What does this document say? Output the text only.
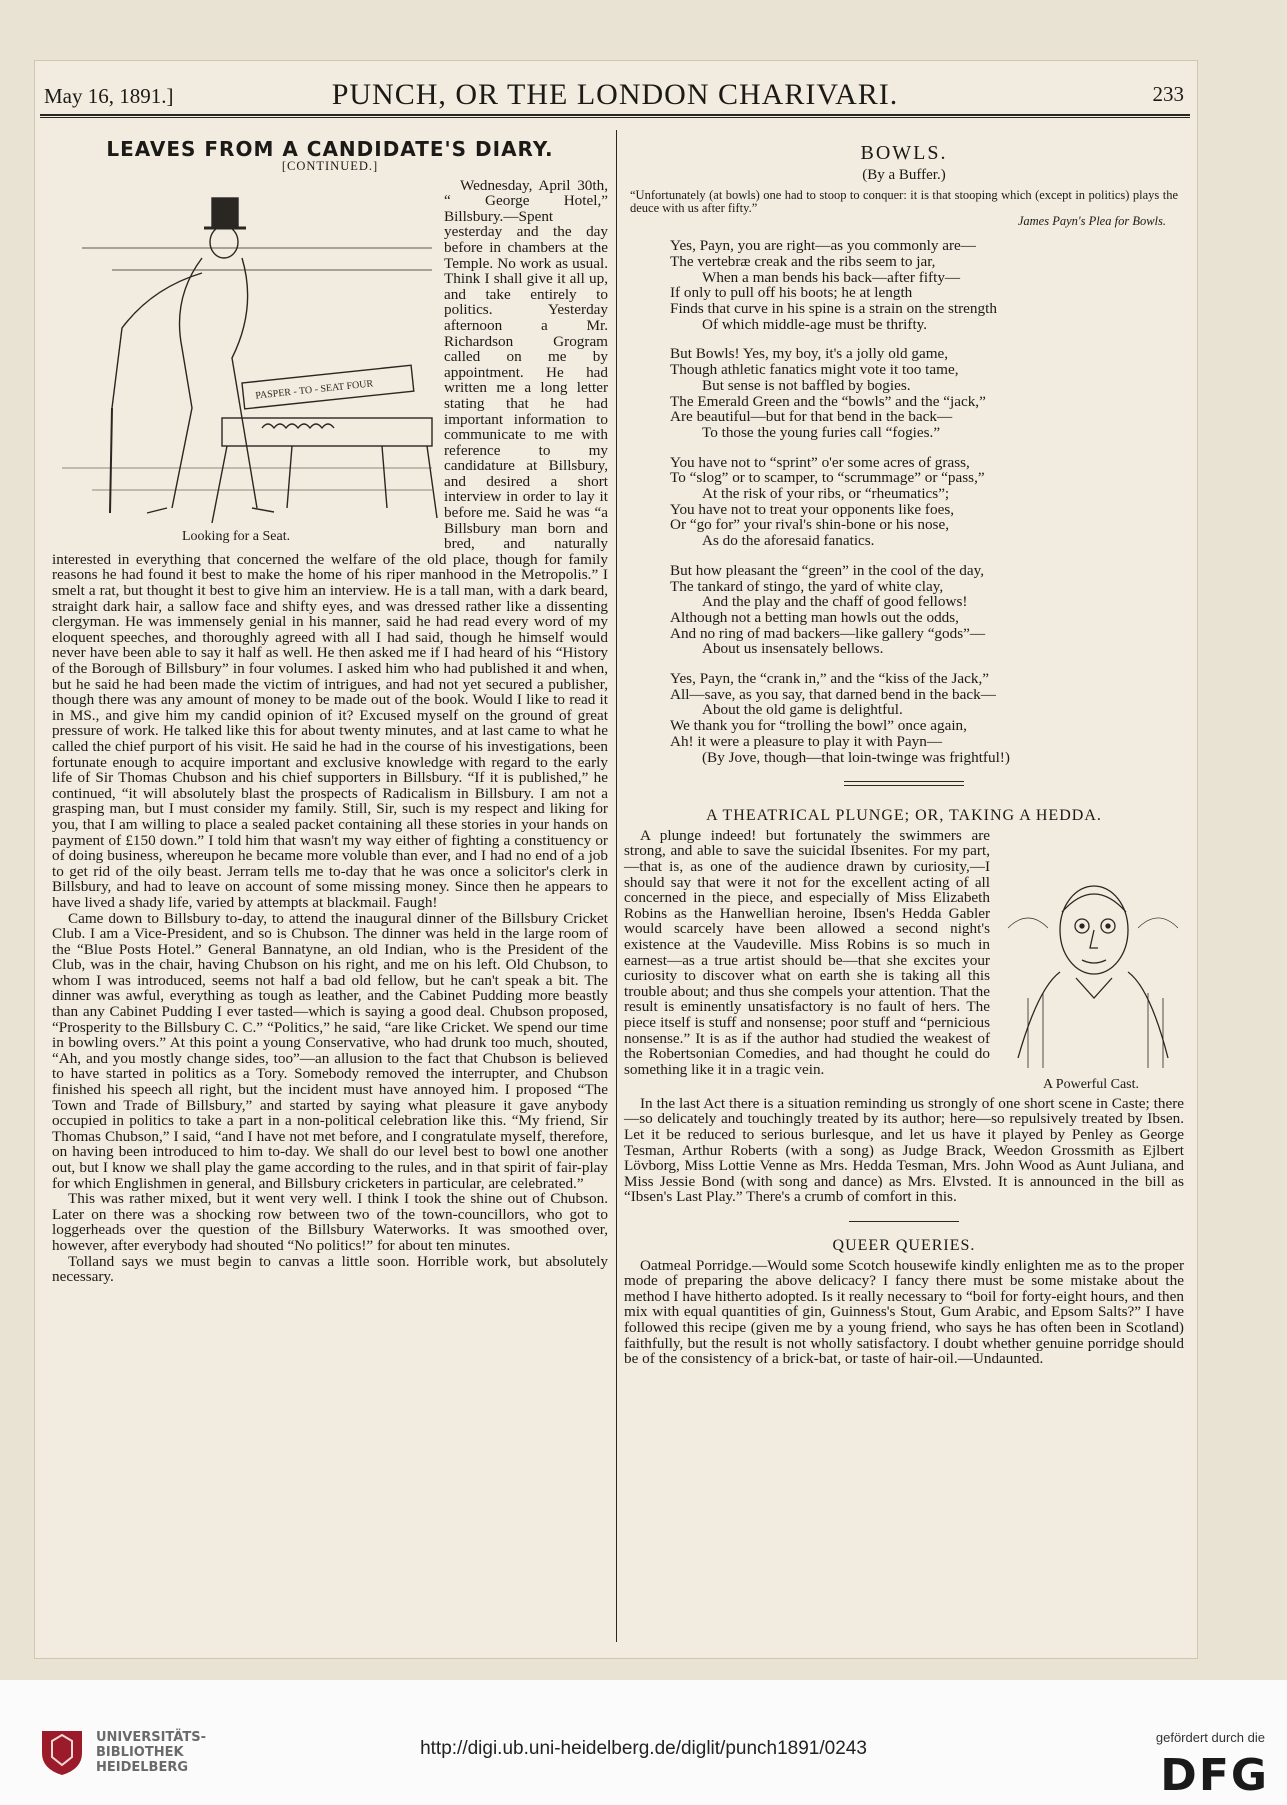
May 16, 1891.]	PUNCH, OR THE LONDON CHARIVARI.	233
LEAVES FROM A CANDIDATE'S DIARY.
[CONTINUED.]
PASPER - TO - SEAT FOUR
Looking for a Seat.

Wednesday, April 30th, “ George Hotel,” Billsbury.—Spent yesterday and the day before in chambers at the Temple. No work as usual. Think I shall give it all up, and take entirely to politics. Yesterday afternoon a Mr. Richardson Grogram called on me by appointment. He had written me a long letter stating that he had important information to communicate to me with reference to my candidature at Billsbury, and desired a short interview in order to lay it before me. Said he was “a Billsbury man born and bred, and naturally interested in everything that concerned the welfare of the old place, though for family reasons he had found it best to make the home of his riper manhood in the Metropolis.” I smelt a rat, but thought it best to give him an interview. He is a tall man, with a dark beard, straight dark hair, a sallow face and shifty eyes, and was dressed rather like a dissenting clergyman. He was immensely genial in his manner, said he had read every word of my eloquent speeches, and thoroughly agreed with all I had said, though he himself would never have been able to say it half as well. He then asked me if I had heard of his “History of the Borough of Billsbury” in four volumes. I asked him who had published it and when, but he said he had been made the victim of intrigues, and had not yet secured a publisher, though there was any amount of money to be made out of the book. Would I like to read it in MS., and give him my candid opinion of it? Excused myself on the ground of great pressure of work. He talked like this for about twenty minutes, and at last came to what he called the chief purport of his visit. He said he had in the course of his investigations, been fortunate enough to acquire important and exclusive knowledge with regard to the early life of Sir Thomas Chubson and his chief supporters in Billsbury. “If it is published,” he continued, “it will absolutely blast the prospects of Radicalism in Billsbury. I am not a grasping man, but I must consider my family. Still, Sir, such is my respect and liking for you, that I am willing to place a sealed packet containing all these stories in your hands on payment of £150 down.” I told him that wasn't my way either of fighting a constituency or of doing business, whereupon he became more voluble than ever, and I had no end of a job to get rid of the oily beast. Jerram tells me to-day that he was once a solicitor's clerk in Billsbury, and had to leave on account of some missing money. Since then he appears to have lived a shady life, varied by attempts at blackmail. Faugh!

Came down to Billsbury to-day, to attend the inaugural dinner of the Billsbury Cricket Club. I am a Vice-President, and so is Chubson. The dinner was held in the large room of the “Blue Posts Hotel.” General Bannatyne, an old Indian, who is the President of the Club, was in the chair, having Chubson on his right, and me on his left. Old Chubson, to whom I was introduced, seems not half a bad old fellow, but he can't speak a bit. The dinner was awful, everything as tough as leather, and the Cabinet Pudding more beastly than any Cabinet Pudding I ever tasted—which is saying a good deal. Chubson proposed, “Prosperity to the Billsbury C. C.” “Politics,” he said, “are like Cricket. We spend our time in bowling overs.” At this point a young Conservative, who had drunk too much, shouted, “Ah, and you mostly change sides, too”—an allusion to the fact that Chubson is believed to have started in politics as a Tory. Somebody removed the interrupter, and Chubson finished his speech all right, but the incident must have annoyed him. I proposed “The Town and Trade of Billsbury,” and started by saying what pleasure it gave anybody occupied in politics to take a part in a non-political celebration like this. “My friend, Sir Thomas Chubson,” I said, “and I have not met before, and I congratulate myself, therefore, on having been introduced to him to-day. We shall do our level best to bowl one another out, but I know we shall play the game according to the rules, and in that spirit of fair-play for which Englishmen in general, and Billsbury cricketers in particular, are celebrated.”

This was rather mixed, but it went very well. I think I took the shine out of Chubson. Later on there was a shocking row between two of the town-councillors, who got to loggerheads over the question of the Billsbury Waterworks. It was smoothed over, however, after everybody had shouted “No politics!” for about ten minutes.

Tolland says we must begin to canvas a little soon. Horrible work, but absolutely necessary.

BOWLS.
(By a Buffer.)
“Unfortunately (at bowls) one had to stoop to conquer: it is that stooping which (except in politics) plays the deuce with us after fifty.”
James Payn's Plea for Bowls.
Yes, Payn, you are right—as you commonly are—
The vertebræ creak and the ribs seem to jar,
When a man bends his back—after fifty—
If only to pull off his boots; he at length
Finds that curve in his spine is a strain on the strength
Of which middle-age must be thrifty.
But Bowls! Yes, my boy, it's a jolly old game,
Though athletic fanatics might vote it too tame,
But sense is not baffled by bogies.
The Emerald Green and the “bowls” and the “jack,”
Are beautiful—but for that bend in the back—
To those the young furies call “fogies.”
You have not to “sprint” o'er some acres of grass,
To “slog” or to scamper, to “scrummage” or “pass,”
At the risk of your ribs, or “rheumatics”;
You have not to treat your opponents like foes,
Or “go for” your rival's shin-bone or his nose,
As do the aforesaid fanatics.
But how pleasant the “green” in the cool of the day,
The tankard of stingo, the yard of white clay,
And the play and the chaff of good fellows!
Although not a betting man howls out the odds,
And no ring of mad backers—like gallery “gods”—
About us insensately bellows.
Yes, Payn, the “crank in,” and the “kiss of the Jack,”
All—save, as you say, that darned bend in the back—
About the old game is delightful.
We thank you for “trolling the bowl” once again,
Ah! it were a pleasure to play it with Payn—
(By Jove, though—that loin-twinge was frightful!)
A THEATRICAL PLUNGE; OR, TAKING A HEDDA.
A Powerful Cast.

A plunge indeed! but fortunately the swimmers are strong, and able to save the suicidal Ibsenites. For my part,—that is, as one of the audience drawn by curiosity,—I should say that were it not for the excellent acting of all concerned in the piece, and especially of Miss Elizabeth Robins as the Hanwellian heroine, Ibsen's Hedda Gabler would scarcely have been allowed a second night's existence at the Vaudeville. Miss Robins is so much in earnest—as a true artist should be—that she excites your curiosity to discover what on earth she is taking all this trouble about; and thus she compels your attention. That the result is eminently unsatisfactory is no fault of hers. The piece itself is stuff and nonsense; poor stuff and “pernicious nonsense.” It is as if the author had studied the weakest of the Robertsonian Comedies, and had thought he could do something like it in a tragic vein.

In the last Act there is a situation reminding us strongly of one short scene in Caste; there—so delicately and touchingly treated by its author; here—so repulsively treated by Ibsen. Let it be reduced to serious burlesque, and let us have it played by Penley as George Tesman, Arthur Roberts (with a song) as Judge Brack, Weedon Grossmith as Ejlbert Lövborg, Miss Lottie Venne as Mrs. Hedda Tesman, Mrs. John Wood as Aunt Juliana, and Miss Jessie Bond (with song and dance) as Mrs. Elvsted. It is announced in the bill as “Ibsen's Last Play.” There's a crumb of comfort in this.

QUEER QUERIES.

Oatmeal Porridge.—Would some Scotch housewife kindly enlighten me as to the proper mode of preparing the above delicacy? I fancy there must be some mistake about the method I have hitherto adopted. Is it really necessary to “boil for forty-eight hours, and then mix with equal quantities of gin, Guinness's Stout, Gum Arabic, and Epsom Salts?” I have followed this recipe (given me by a young friend, who says he has often been in Scotland) faithfully, but the result is not wholly satisfactory. I doubt whether genuine porridge should be of the consistency of a brick-bat, or taste of hair-oil.—Undaunted.

UNIVERSITÄTS-
BIBLIOTHEK
HEIDELBERG
http://digi.ub.uni-heidelberg.de/diglit/punch1891/0243
gefördert durch die
DFG
